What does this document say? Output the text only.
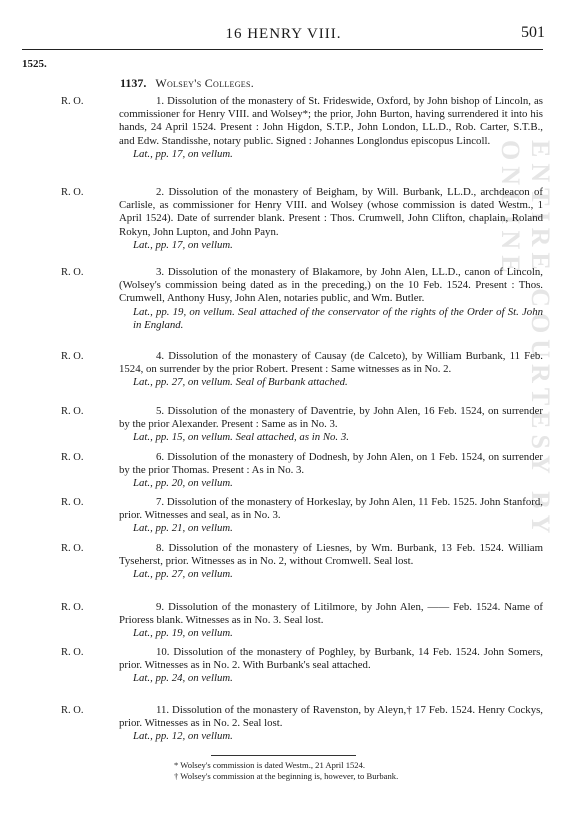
16 HENRY VIII.	501
ENTIRE COURTESY BY ONLINE
1525.
1137. Wolsey's Colleges.
R. O.	1. Dissolution of the monastery of St. Frideswide, Oxford, by John bishop of Lincoln, as commissioner for Henry VIII. and Wolsey*; the prior, John Burton, having surrendered it into his hands, 24 April 1524. Present : John Higdon, S.T.P., John London, LL.D., Rob. Carter, S.T.B., and Edw. Standisshe, notary public. Signed : Johannes Longlondus episcopus Lincoll.

Lat., pp. 17, on vellum.
R. O.	2. Dissolution of the monastery of Beigham, by Will. Burbank, LL.D., archdeacon of Carlisle, as commissioner for Henry VIII. and Wolsey (whose commission is dated Westm., 1 April 1524). Date of surrender blank. Present : Thos. Crumwell, John Clifton, chaplain, Roland Rokyn, John Lupton, and John Payn.

Lat., pp. 17, on vellum.
R. O.	3. Dissolution of the monastery of Blakamore, by John Alen, LL.D., canon of Lincoln, (Wolsey's commission being dated as in the preceding,) on the 10 Feb. 1524. Present : Thos. Crumwell, Anthony Husy, John Alen, notaries public, and Wm. Butler.

Lat., pp. 19, on vellum. Seal attached of the conservator of the rights of the Order of St. John in England.
R. O.	4. Dissolution of the monastery of Causay (de Calceto), by William Burbank, 11 Feb. 1524, on surrender by the prior Robert. Present : Same witnesses as in No. 2.

Lat., pp. 27, on vellum. Seal of Burbank attached.
R. O.	5. Dissolution of the monastery of Daventrie, by John Alen, 16 Feb. 1524, on surrender by the prior Alexander. Present : Same as in No. 3.

Lat., pp. 15, on vellum. Seal attached, as in No. 3.
R. O.	6. Dissolution of the monastery of Dodnesh, by John Alen, on 1 Feb. 1524, on surrender by the prior Thomas. Present : As in No. 3.

Lat., pp. 20, on vellum.
R. O.	7. Dissolution of the monastery of Horkeslay, by John Alen, 11 Feb. 1525. John Stanford, prior. Witnesses and seal, as in No. 3.

Lat., pp. 21, on vellum.
R. O.	8. Dissolution of the monastery of Liesnes, by Wm. Burbank, 13 Feb. 1524. William Tyseherst, prior. Witnesses as in No. 2, without Cromwell. Seal lost.

Lat., pp. 27, on vellum.
R. O.	9. Dissolution of the monastery of Litilmore, by John Alen, —— Feb. 1524. Name of Prioress blank. Witnesses as in No. 3. Seal lost.

Lat., pp. 19, on vellum.
R. O.	10. Dissolution of the monastery of Poghley, by Burbank, 14 Feb. 1524. John Somers, prior. Witnesses as in No. 2. With Burbank's seal attached.

Lat., pp. 24, on vellum.
R. O.	11. Dissolution of the monastery of Ravenston, by Aleyn,† 17 Feb. 1524. Henry Cockys, prior. Witnesses as in No. 2. Seal lost.

Lat., pp. 12, on vellum.
* Wolsey's commission is dated Westm., 21 April 1524.
† Wolsey's commission at the beginning is, however, to Burbank.
